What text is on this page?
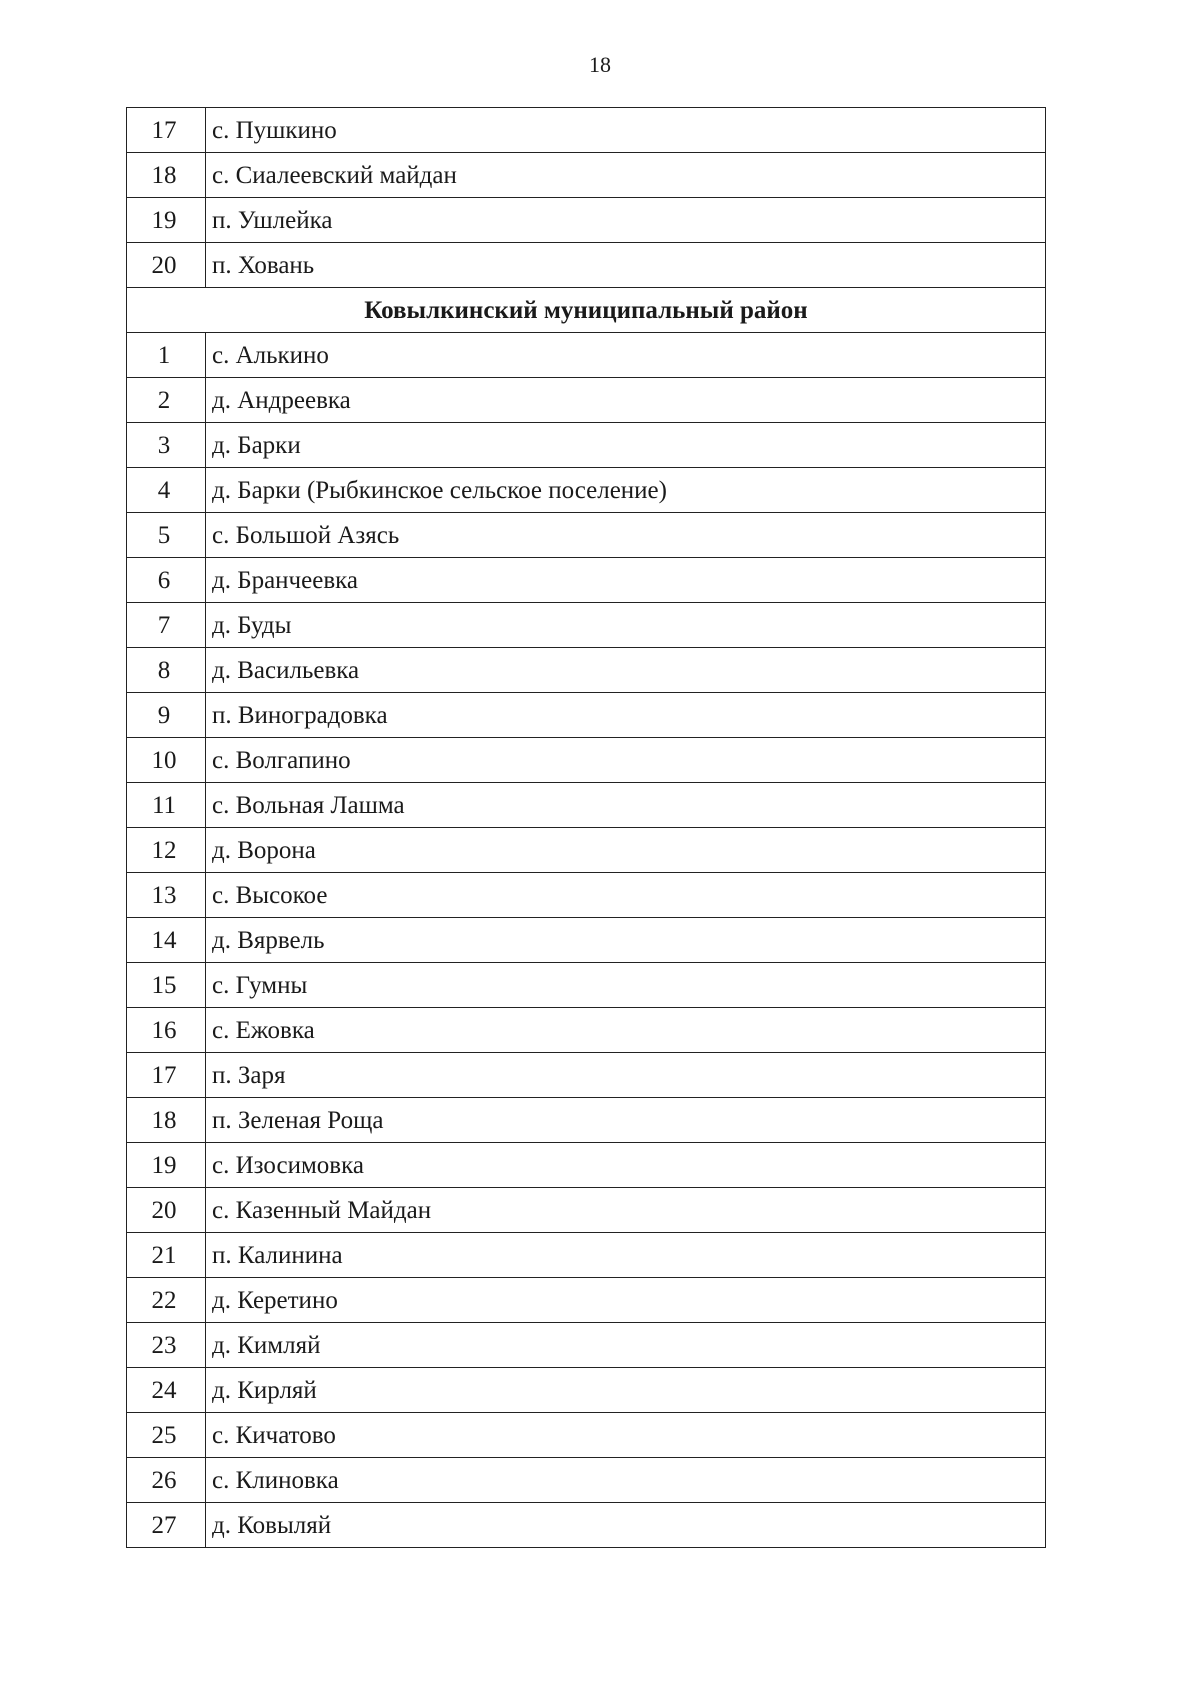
18
17	с. Пушкино
18	с. Сиалеевский майдан
19	п. Ушлейка
20	п. Ховань
Ковылкинский муниципальный район	
1	с. Алькино
2	д. Андреевка
3	д. Барки
4	д. Барки (Рыбкинское сельское поселение)
5	с. Большой Азясь
6	д. Бранчеевка
7	д. Буды
8	д. Васильевка
9	п. Виноградовка
10	с. Волгапино
11	с. Вольная Лашма
12	д. Ворона
13	с. Высокое
14	д. Вярвель
15	с. Гумны
16	с. Ежовка
17	п. Заря
18	п. Зеленая Роща
19	с. Изосимовка
20	с. Казенный Майдан
21	п. Калинина
22	д. Керетино
23	д. Кимляй
24	д. Кирляй
25	с. Кичатово
26	с. Клиновка
27	д. Ковыляй
